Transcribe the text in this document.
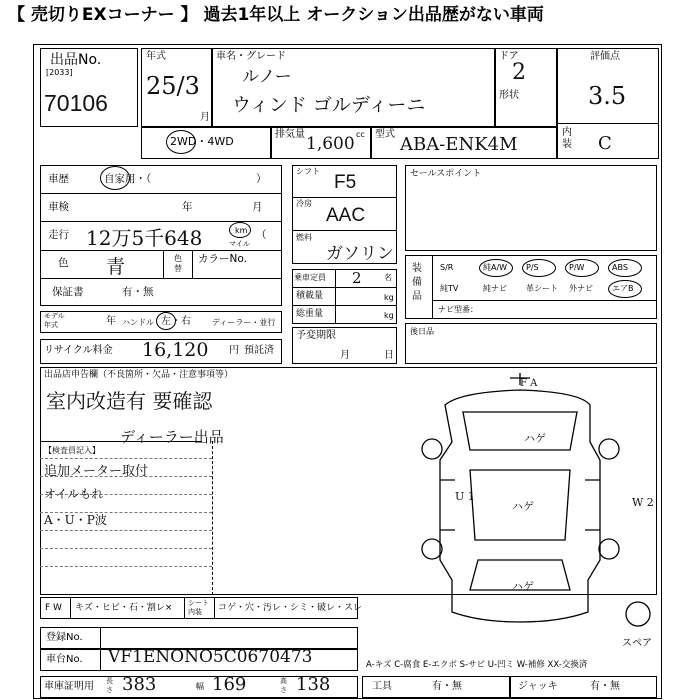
【 売切りEXコーナー 】 過去1年以上 オークション出品歴がない車両
出品No.
[2033]
70106
年式
25/3
月
車名・グレード
ルノー
ウィンド ゴルディーニ
ドア
2
形状
評価点
3.5
内装 C
2WD・4WD
排気量 1,600 cc 型式 ABA-ENK4M
車歴	自家用・（	）
車検	年	月
走行 12万5千648	km
マイル
（
色 青	色替
カラーNo.
保証書	有・無
モデル年式	年 ハンドル 左・右	ディーラー・並行
リサイクル料金 16,120 円 預託済
シフト
F5
冷房
AAC
燃料
ガソリン
乗車定員 2	名
積載量	kg
総重量	kg
予変期限
月	日
セールスポイント
装備品
S/R	純A/W P/S	P/W	ABS
純TV	純ナビ 革シート 外ナビ エアB
ナビ型番：
後日品
出品店申告欄（不良箇所・欠品・注意事項等）
室内改造有 要確認
【検査員記入】
ディーラー出品
追加メーター取付
オイルもれ
A・U・P波
F A
ハゲ
U 1
ハゲ	W 2
ハゲ
スペア
F W キズ・ヒビ・石・割レ× シート内装	コゲ・穴・汚レ・シミ・破レ・スレ
登録No.
車台No. VF1ENONO5C0670473	A-キズ C-腐食 E-エクボ S-サビ U-凹ミ W-補修 XX-交換済
車庫証明用 長さ 383	幅 169	高さ 138	工具	有・無	ジャッキ	有・無
